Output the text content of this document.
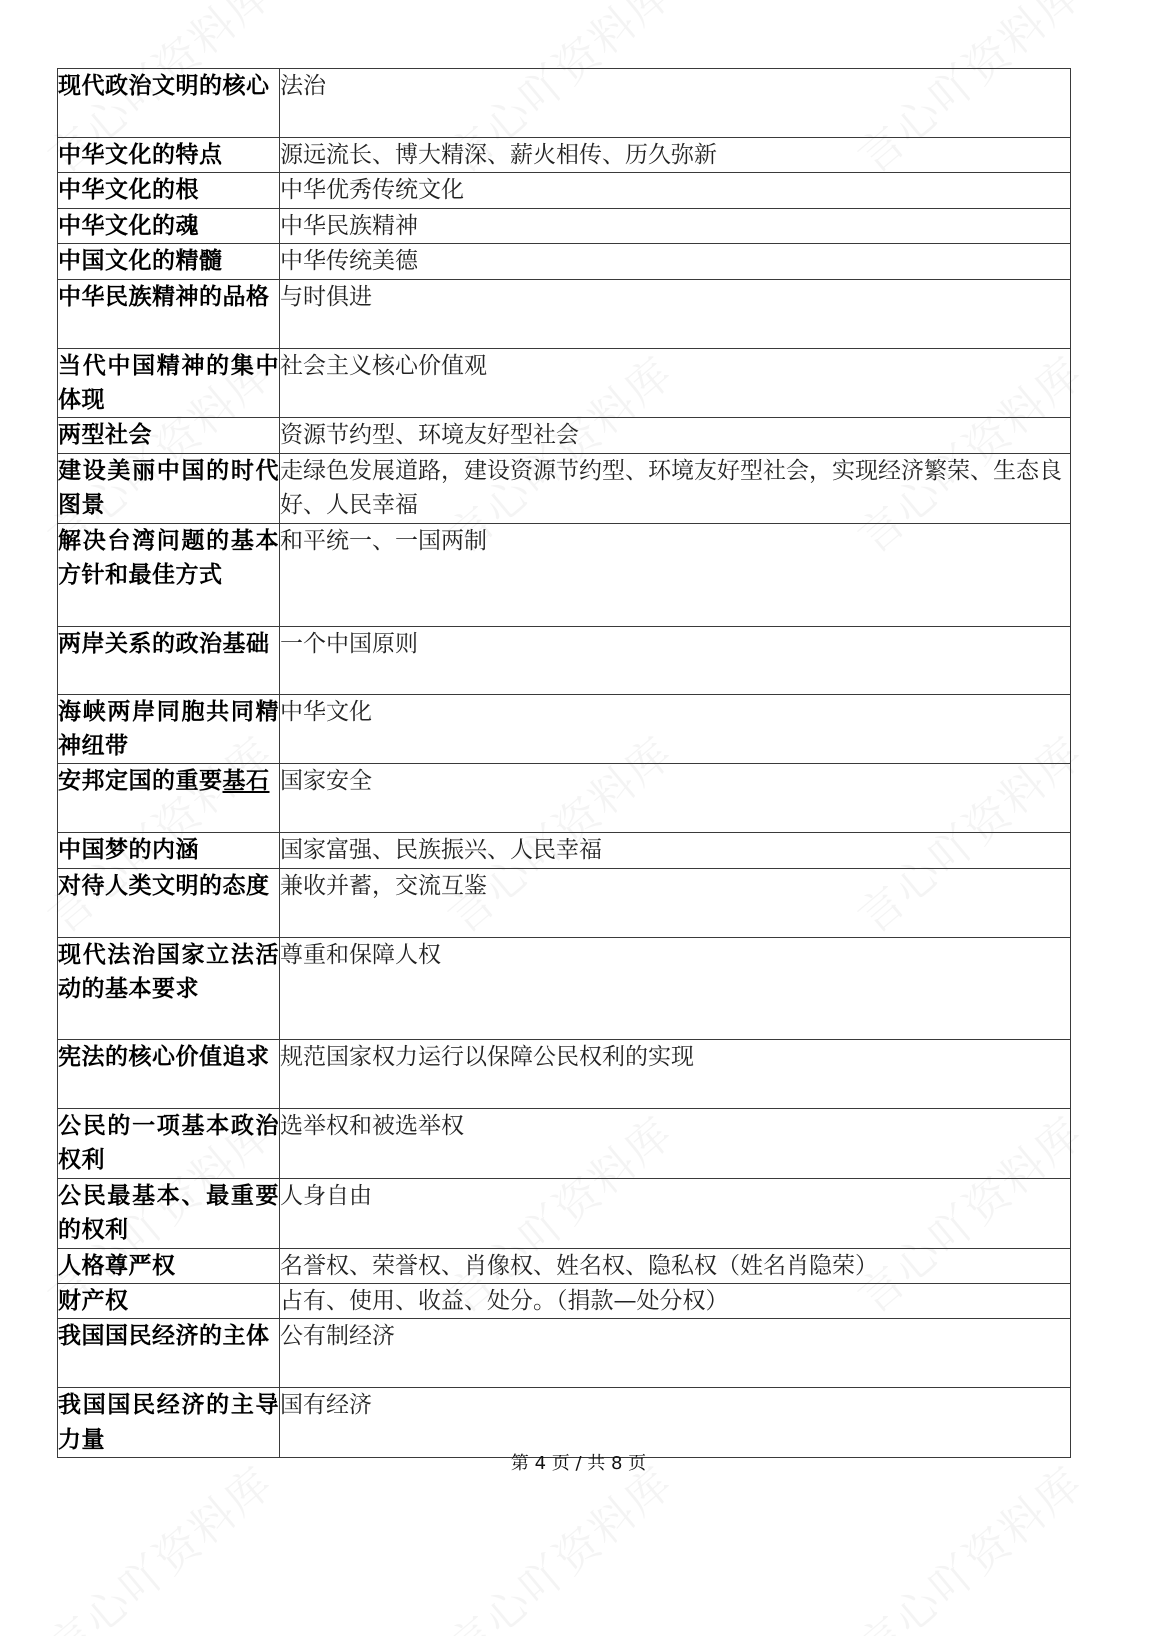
现代政治文明的核心	法治
中华文化的特点	源远流长、博大精深、薪火相传、历久弥新
中华文化的根	中华优秀传统文化
中华文化的魂	中华民族精神
中国文化的精髓	中华传统美德
中华民族精神的品格	与时俱进
当代中国精神的集中体现	社会主义核心价值观
两型社会	资源节约型、环境友好型社会
建设美丽中国的时代图景	走绿色发展道路，建设资源节约型、环境友好型社会，实现经济繁荣、生态良好、人民幸福
解决台湾问题的基本方针和最佳方式	和平统一、一国两制
两岸关系的政治基础	一个中国原则
海峡两岸同胞共同精神纽带	中华文化
安邦定国的重要基石	国家安全
中国梦的内涵	国家富强、民族振兴、人民幸福
对待人类文明的态度	兼收并蓄，交流互鉴
现代法治国家立法活动的基本要求	尊重和保障人权
宪法的核心价值追求	规范国家权力运行以保障公民权利的实现
公民的一项基本政治权利	选举权和被选举权
公民最基本、最重要的权利	人身自由
人格尊严权	名誉权、荣誉权、肖像权、姓名权、隐私权（姓名肖隐荣）
财产权	占有、使用、收益、处分。（捐款—处分权）
我国国民经济的主体	公有制经济
我国国民经济的主导力量	国有经济
第 4 页 / 共 8 页
